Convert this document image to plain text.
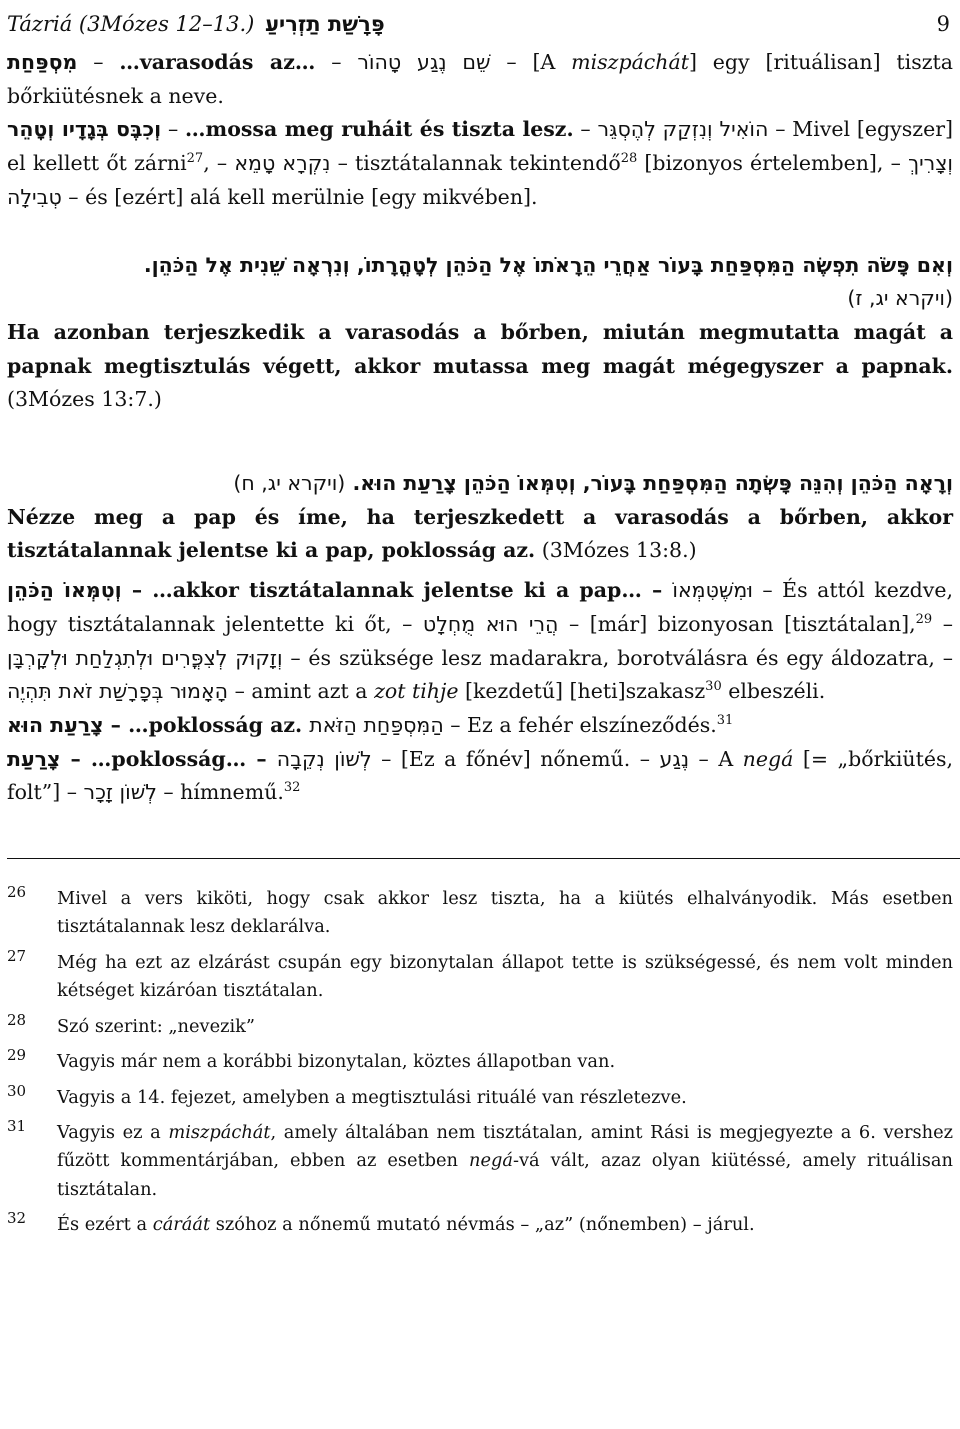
Tázriá (3Mózes 12–13.) פָּרָשַׁת תַזְרִיעַ	9

מִסְפַּחַת – …varasodás az… – שֵׁם נֶגַע טָהוֹר – [A miszpáchát] egy [rituálisan] tiszta bőrkiütésnek a neve.

וְכִבֶּס בְּגָדָיו וְטָהֵר – …mossa meg ruháit és tiszta lesz. – הוֹאִיל וְנִזְקַק לְהֶסְגֵּר – Mivel [egyszer] el kellett őt zárni$^{27}$, – נִקְרָא טָמֵא – tisztátalannak tekintendő$^{28}$ [bizonyos értelemben], – וְצָרִיךְ טְבִילָה – és [ezért] alá kell merülnie [egy mikvében].

וְאִם פָּשֹׂה תִפְשֶׂה הַמִּסְפַּחַת בָּעוֹר אַחֲרֵי הֵרָאֹתוֹ אֶל הַכֹּהֵן לְטָהֳרָתוֹ, וְנִרְאָה שֵׁנִית אֶל הַכֹּהֵן.
(ויקרא יג, ז)

Ha azonban terjeszkedik a varasodás a bőrben, miután megmutatta magát a papnak megtisztulás végett, akkor mutassa meg magát mégegyszer a papnak. (3Mózes 13:7.)

וְרָאָה הַכֹּהֵן וְהִנֵּה פָּשְׂתָה הַמִּסְפַּחַת בָּעוֹר, וְטִמְּאוֹ הַכֹּהֵן צָרַעַת הוּא. (ויקרא יג, ח)

Nézze meg a pap és íme, ha terjeszkedett a varasodás a bőrben, akkor tisztátalannak jelentse ki a pap, poklosság az. (3Mózes 13:8.)

וְטִמְּאוֹ הַכֹּהֵן – …akkor tisztátalannak jelentse ki a pap… – וּמִשֶּׁטִּמְּאוֹ – És attól kezdve, hogy tisztátalannak jelentette ki őt, – הֲרֵי הוּא מֻחְלָט – [már] bizonyosan [tisztátalan],$^{29}$ – וְזָקוּק לְצִפֳּרִים וּלְתִגְלַחַת וּלְקָרְבָּן – és szüksége lesz madarakra, borotválásra és egy áldozatra, – הָאָמוּר בְּפָרָשַׁת זֹאת תִּהְיֶה – amint azt a zot tihje [kezdetű] [heti]szakasz$^{30}$ elbeszéli.

צָרַעַת הוּא – …poklosság az. הַמִּסְפַּחַת הַזֹּאת – Ez a fehér elszíneződés.$^{31}$

צָרַעַת – …poklosság… – לְשׁוֹן נְקֵבָה – [Ez a főnév] nőnemű. – נֶגַע – A negá [= „bőrkiütés, folt”] – לְשׁוֹן זָכָר – hímnemű.$^{32}$

26 Mivel a vers kiköti, hogy csak akkor lesz tiszta, ha a kiütés elhalványodik. Más esetben tisztátalannak lesz deklarálva.
27 Még ha ezt az elzárást csupán egy bizonytalan állapot tette is szükségessé, és nem volt minden kétséget kizáróan tisztátalan.
28 Szó szerint: „nevezik”
29 Vagyis már nem a korábbi bizonytalan, köztes állapotban van.
30 Vagyis a 14. fejezet, amelyben a megtisztulási rituálé van részletezve.
31 Vagyis ez a miszpáchát, amely általában nem tisztátalan, amint Rási is megjegyezte a 6. vershez fűzött kommentárjában, ebben az esetben negá-vá vált, azaz olyan kiütéssé, amely rituálisan tisztátalan.
32 És ezért a cáráát szóhoz a nőnemű mutató névmás – „az” (nőnemben) – járul.
